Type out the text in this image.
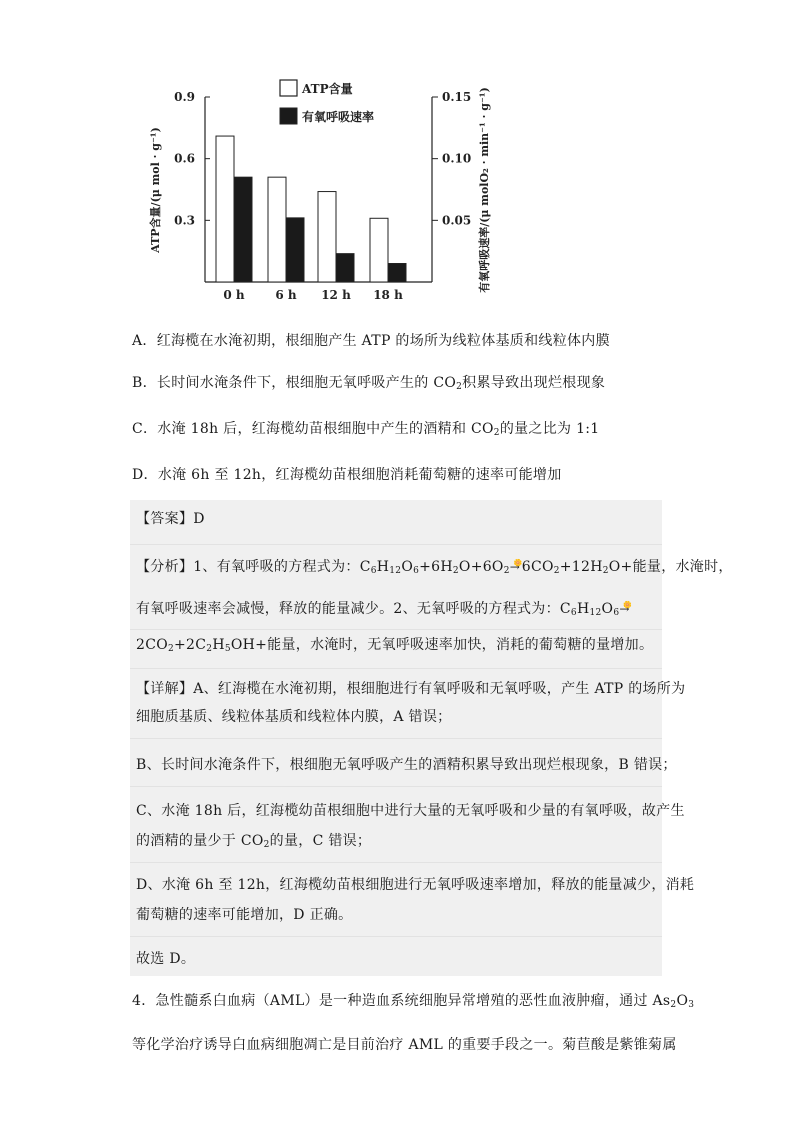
0.3
0.6
0.9
0.05
0.10
0.15
0 h	6 h 12 h 18 h
ATP含量
有氧呼吸速率
ATP含量/(μ mol · g⁻¹)	有氧呼吸速率/(μ molO₂ · min⁻¹ · g⁻¹)

A．红海榄在水淹初期，根细胞产生 ATP 的场所为线粒体基质和线粒体内膜

B．长时间水淹条件下，根细胞无氧呼吸产生的 $CO_2$积累导致出现烂根现象

C．水淹 18h 后，红海榄幼苗根细胞中产生的酒精和 $CO_2$的量之比为 1:1

D．水淹 6h 至 12h，红海榄幼苗根细胞消耗葡萄糖的速率可能增加

【答案】D
【分析】1、有氧呼吸的方程式为：$C_6H_{12}O_6+6H_2O+6O_2\to$ 🌼 $6CO_2+12H_2O+$能量，水淹时，
有氧呼吸速率会减慢，释放的能量减少。2、无氧呼吸的方程式为：$C_6H_{12}O_6\to$ 🌼
$2CO_2+2C_2H_5OH+$能量，水淹时，无氧呼吸速率加快，消耗的葡萄糖的量增加。
【详解】A、红海榄在水淹初期，根细胞进行有氧呼吸和无氧呼吸，产生 ATP 的场所为
细胞质基质、线粒体基质和线粒体内膜，A 错误；
B、长时间水淹条件下，根细胞无氧呼吸产生的酒精积累导致出现烂根现象，B 错误；
C、水淹 18h 后，红海榄幼苗根细胞中进行大量的无氧呼吸和少量的有氧呼吸，故产生
的酒精的量少于 $CO_2$的量，C 错误；
D、水淹 6h 至 12h，红海榄幼苗根细胞进行无氧呼吸速率增加，释放的能量减少，消耗
葡萄糖的速率可能增加，D 正确。
故选 D。

4．急性髓系白血病（AML）是一种造血系统细胞异常增殖的恶性血液肿瘤，通过 $As_2O_3$

等化学治疗诱导白血病细胞凋亡是目前治疗 AML 的重要手段之一。菊苣酸是紫锥菊属
